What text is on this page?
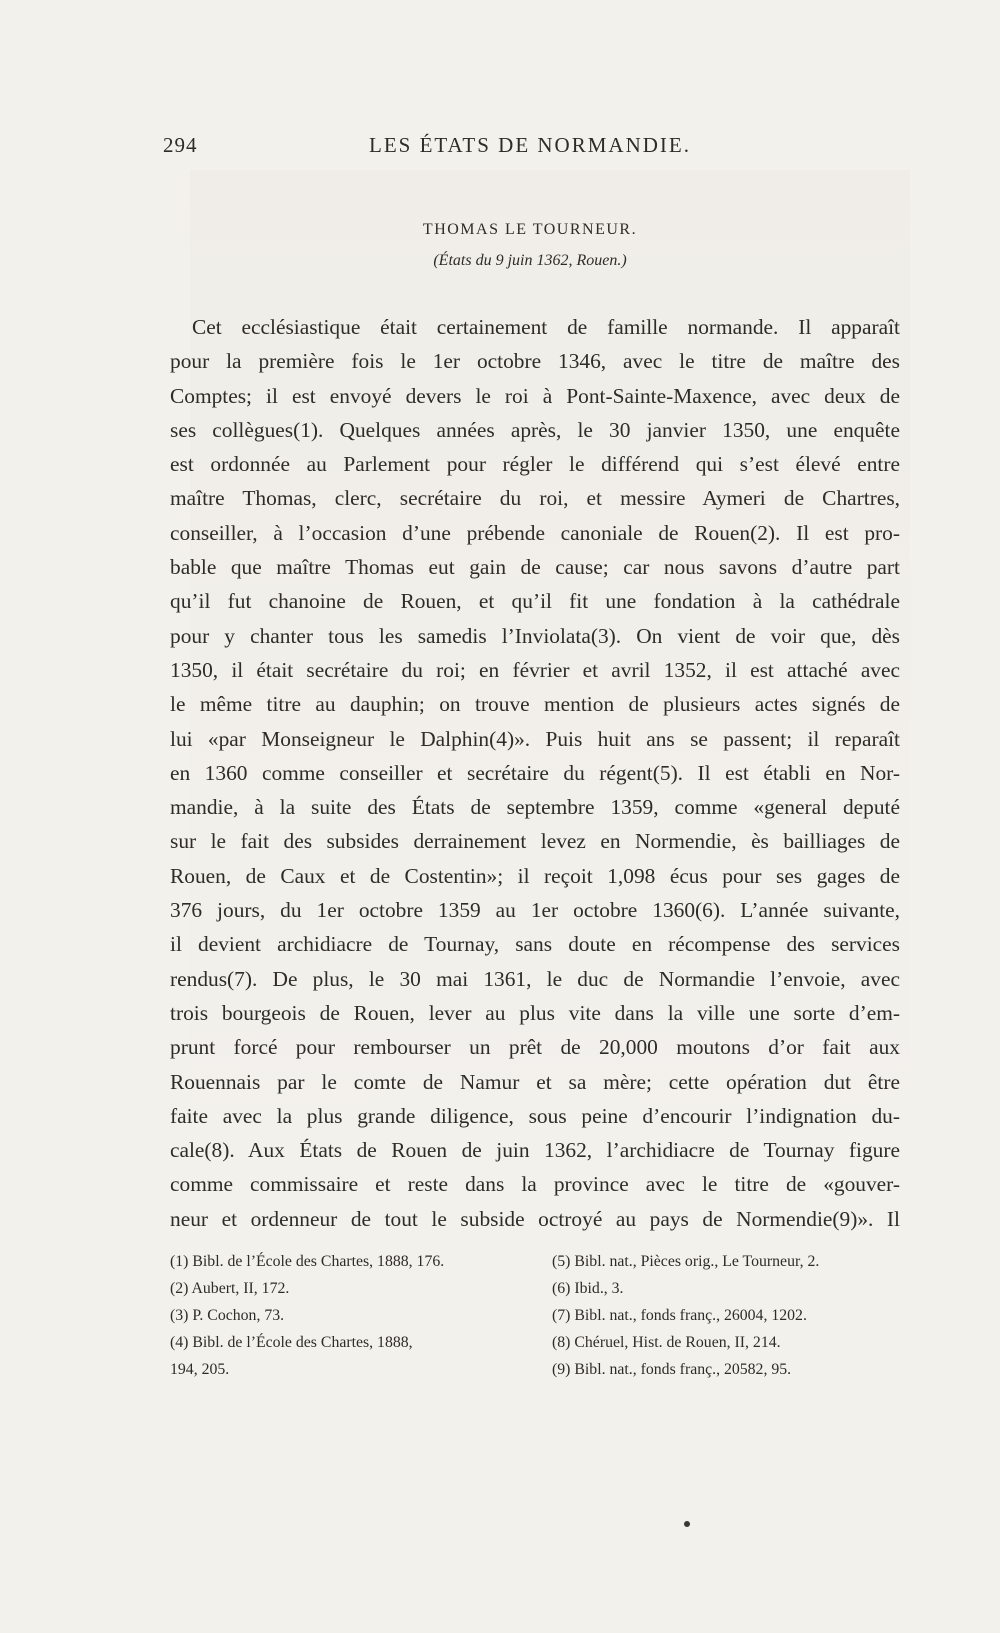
294	LES ÉTATS DE NORMANDIE.
THOMAS LE TOURNEUR.
(États du 9 juin 1362, Rouen.)
Cet ecclésiastique était certainement de famille normande. Il apparaît
pour la première fois le 1er octobre 1346, avec le titre de maître des
Comptes; il est envoyé devers le roi à Pont-Sainte-Maxence, avec deux de
ses collègues(1). Quelques années après, le 30 janvier 1350, une enquête
est ordonnée au Parlement pour régler le différend qui s’est élevé entre
maître Thomas, clerc, secrétaire du roi, et messire Aymeri de Chartres,
conseiller, à l’occasion d’une prébende canoniale de Rouen(2). Il est pro-
bable que maître Thomas eut gain de cause; car nous savons d’autre part
qu’il fut chanoine de Rouen, et qu’il fit une fondation à la cathédrale
pour y chanter tous les samedis l’Inviolata(3). On vient de voir que, dès
1350, il était secrétaire du roi; en février et avril 1352, il est attaché avec
le même titre au dauphin; on trouve mention de plusieurs actes signés de
lui «par Monseigneur le Dalphin(4)». Puis huit ans se passent; il reparaît
en 1360 comme conseiller et secrétaire du régent(5). Il est établi en Nor-
mandie, à la suite des États de septembre 1359, comme «general deputé
sur le fait des subsides derrainement levez en Normendie, ès bailliages de
Rouen, de Caux et de Costentin»; il reçoit 1,098 écus pour ses gages de
376 jours, du 1er octobre 1359 au 1er octobre 1360(6). L’année suivante,
il devient archidiacre de Tournay, sans doute en récompense des services
rendus(7). De plus, le 30 mai 1361, le duc de Normandie l’envoie, avec
trois bourgeois de Rouen, lever au plus vite dans la ville une sorte d’em-
prunt forcé pour rembourser un prêt de 20,000 moutons d’or fait aux
Rouennais par le comte de Namur et sa mère; cette opération dut être
faite avec la plus grande diligence, sous peine d’encourir l’indignation du-
cale(8). Aux États de Rouen de juin 1362, l’archidiacre de Tournay figure
comme commissaire et reste dans la province avec le titre de «gouver-
neur et ordenneur de tout le subside octroyé au pays de Normendie(9)». Il
(1) Bibl. de l’École des Chartes, 1888, 176.
(2) Aubert, II, 172.
(3) P. Cochon, 73.
(4) Bibl. de l’École des Chartes, 1888,
194, 205.
(5) Bibl. nat., Pièces orig., Le Tourneur, 2.
(6) Ibid., 3.
(7) Bibl. nat., fonds franç., 26004, 1202.
(8) Chéruel, Hist. de Rouen, II, 214.
(9) Bibl. nat., fonds franç., 20582, 95.
